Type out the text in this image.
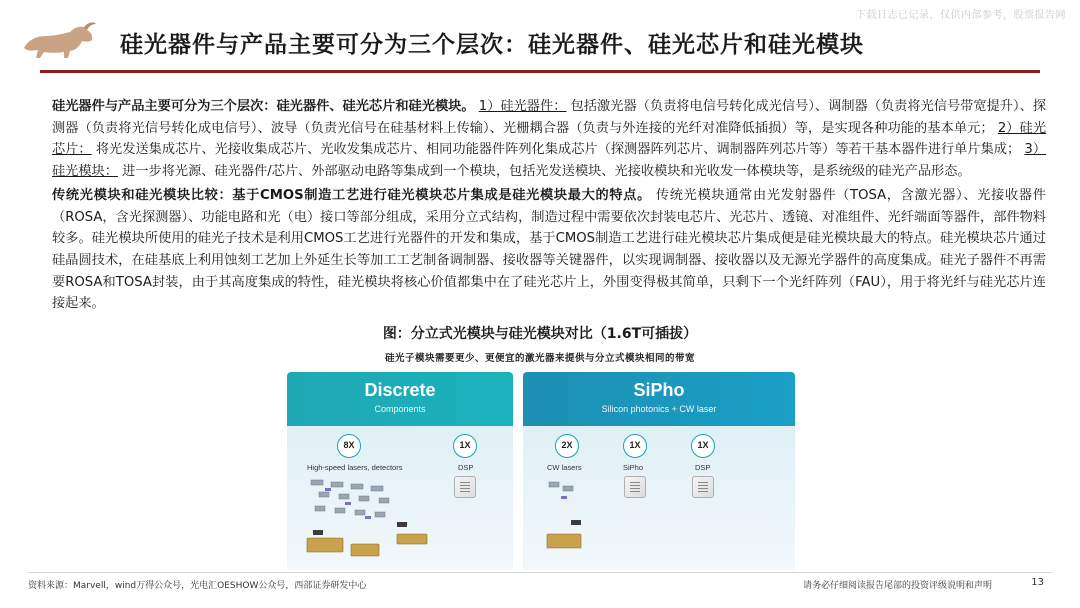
下载日志已记录，仅供内部参考，股票报告网
硅光器件与产品主要可分为三个层次：硅光器件、硅光芯片和硅光模块

硅光器件与产品主要可分为三个层次：硅光器件、硅光芯片和硅光模块。 1）硅光器件： 包括激光器（负责将电信号转化成光信号）、调制器（负责将光信号带宽提升）、探测器（负责将光信号转化成电信号）、波导（负责光信号在硅基材料上传输）、光栅耦合器（负责与外连接的光纤对准降低插损）等，是实现各种功能的基本单元； 2）硅光芯片： 将光发送集成芯片、光接收集成芯片、光收发集成芯片、相同功能器件阵列化集成芯片（探测器阵列芯片、调制器阵列芯片等）等若干基本器件进行单片集成； 3）硅光模块： 进一步将光源、硅光器件/芯片、外部驱动电路等集成到一个模块，包括光发送模块、光接收模块和光收发一体模块等，是系统级的硅光产品形态。

传统光模块和硅光模块比较：基于CMOS制造工艺进行硅光模块芯片集成是硅光模块最大的特点。 传统光模块通常由光发射器件（TOSA，含激光器）、光接收器件（ROSA，含光探测器）、功能电路和光（电）接口等部分组成，采用分立式结构，制造过程中需要依次封装电芯片、光芯片、透镜、对准组件、光纤端面等器件，部件物料较多。硅光模块所使用的硅光子技术是利用CMOS工艺进行光器件的开发和集成，基于CMOS制造工艺进行硅光模块芯片集成便是硅光模块最大的特点。硅光模块芯片通过硅晶圆技术，在硅基底上利用蚀刻工艺加上外延生长等加工工艺制备调制器、接收器等关键器件，以实现调制器、接收器以及无源光学器件的高度集成。硅光子器件不再需要ROSA和TOSA封装，由于其高度集成的特性，硅光模块将核心价值都集中在了硅光芯片上，外围变得极其简单，只剩下一个光纤阵列（FAU），用于将光纤与硅光芯片连接起来。

图：分立式光模块与硅光模块对比（1.6T可插拔）
硅光子模块需要更少、更便宜的激光器来提供与分立式模块相同的带宽
Discrete
Components
8X
High-speed lasers, detectors
1X
DSP
SiPho
Silicon photonics + CW laser
2X
CW lasers
1X
SiPho
1X
DSP
资料来源：Marvell，wind万得公众号，光电汇OESHOW公众号，西部证券研发中心	请务必仔细阅读报告尾部的投资评级说明和声明	13
